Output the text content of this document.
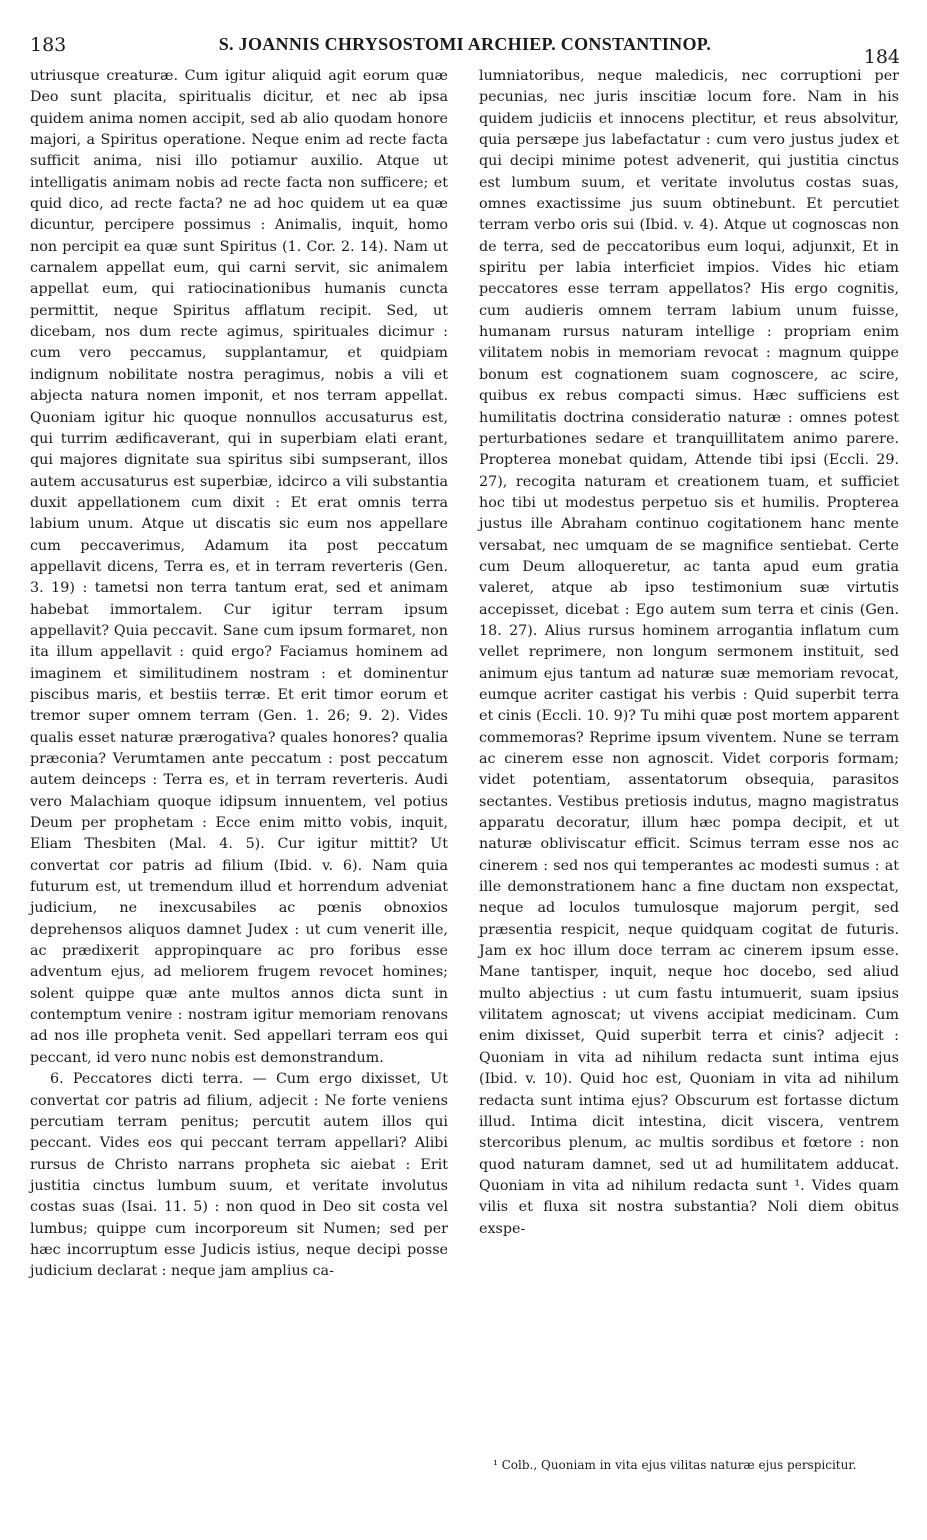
183	S. JOANNIS CHRYSOSTOMI ARCHIEP. CONSTANTINOP.
184

utriusque creaturæ. Cum igitur aliquid agit eorum quæ Deo sunt placita, spiritualis dicitur, et nec ab ipsa quidem anima nomen accipit, sed ab alio quodam honore majori, a Spiritus operatione. Neque enim ad recte facta sufficit anima, nisi illo potiamur auxilio. Atque ut intelligatis animam nobis ad recte facta non sufficere; et quid dico, ad recte facta? ne ad hoc quidem ut ea quæ dicuntur, percipere possimus : Animalis, inquit, homo non percipit ea quæ sunt Spiritus (1. Cor. 2. 14). Nam ut carnalem appellat eum, qui carni servit, sic animalem appellat eum, qui ratiocinationibus humanis cuncta permittit, neque Spiritus afflatum recipit. Sed, ut dicebam, nos dum recte agimus, spirituales dicimur : cum vero peccamus, supplantamur, et quidpiam indignum nobilitate nostra peragimus, nobis a vili et abjecta natura nomen imponit, et nos terram appellat. Quoniam igitur hic quoque nonnullos accusaturus est, qui turrim ædificaverant, qui in superbiam elati erant, qui majores dignitate sua spiritus sibi sumpserant, illos autem accusaturus est superbiæ, idcirco a vili substantia duxit appellationem cum dixit : Et erat omnis terra labium unum. Atque ut discatis sic eum nos appellare cum peccaverimus, Adamum ita post peccatum appellavit dicens, Terra es, et in terram reverteris (Gen. 3. 19) : tametsi non terra tantum erat, sed et animam habebat immortalem. Cur igitur terram ipsum appellavit? Quia peccavit. Sane cum ipsum formaret, non ita illum appellavit : quid ergo? Faciamus hominem ad imaginem et similitudinem nostram : et dominentur piscibus maris, et bestiis terræ. Et erit timor eorum et tremor super omnem terram (Gen. 1. 26; 9. 2). Vides qualis esset naturæ prærogativa? quales honores? qualia præconia? Verumtamen ante peccatum : post peccatum autem deinceps : Terra es, et in terram reverteris. Audi vero Malachiam quoque idipsum innuentem, vel potius Deum per prophetam : Ecce enim mitto vobis, inquit, Eliam Thesbiten (Mal. 4. 5). Cur igitur mittit? Ut convertat cor patris ad filium (Ibid. v. 6). Nam quia futurum est, ut tremendum illud et horrendum adveniat judicium, ne inexcusabiles ac pœnis obnoxios deprehensos aliquos damnet Judex : ut cum venerit ille, ac prædixerit appropinquare ac pro foribus esse adventum ejus, ad meliorem frugem revocet homines; solent quippe quæ ante multos annos dicta sunt in contemptum venire : nostram igitur memoriam renovans ad nos ille propheta venit. Sed appellari terram eos qui peccant, id vero nunc nobis est demonstrandum.

6. Peccatores dicti terra. — Cum ergo dixisset, Ut convertat cor patris ad filium, adjecit : Ne forte veniens percutiam terram penitus; percutit autem illos qui peccant. Vides eos qui peccant terram appellari? Alibi rursus de Christo narrans propheta sic aiebat : Erit justitia cinctus lumbum suum, et veritate involutus costas suas (Isai. 11. 5) : non quod in Deo sit costa vel lumbus; quippe cum incorporeum sit Numen; sed per hæc incorruptum esse Judicis istius, neque decipi posse judicium declarat : neque jam amplius ca-

lumniatoribus, neque maledicis, nec corruptioni per pecunias, nec juris inscitiæ locum fore. Nam in his quidem judiciis et innocens plectitur, et reus absolvitur, quia persæpe jus labefactatur : cum vero justus judex et qui decipi minime potest advenerit, qui justitia cinctus est lumbum suum, et veritate involutus costas suas, omnes exactissime jus suum obtinebunt. Et percutiet terram verbo oris sui (Ibid. v. 4). Atque ut cognoscas non de terra, sed de peccatoribus eum loqui, adjunxit, Et in spiritu per labia interficiet impios. Vides hic etiam peccatores esse terram appellatos? His ergo cognitis, cum audieris omnem terram labium unum fuisse, humanam rursus naturam intellige : propriam enim vilitatem nobis in memoriam revocat : magnum quippe bonum est cognationem suam cognoscere, ac scire, quibus ex rebus compacti simus. Hæc sufficiens est humilitatis doctrina consideratio naturæ : omnes potest perturbationes sedare et tranquillitatem animo parere. Propterea monebat quidam, Attende tibi ipsi (Eccli. 29. 27), recogita naturam et creationem tuam, et sufficiet hoc tibi ut modestus perpetuo sis et humilis. Propterea justus ille Abraham continuo cogitationem hanc mente versabat, nec umquam de se magnifice sentiebat. Certe cum Deum alloqueretur, ac tanta apud eum gratia valeret, atque ab ipso testimonium suæ virtutis accepisset, dicebat : Ego autem sum terra et cinis (Gen. 18. 27). Alius rursus hominem arrogantia inflatum cum vellet reprimere, non longum sermonem instituit, sed animum ejus tantum ad naturæ suæ memoriam revocat, eumque acriter castigat his verbis : Quid superbit terra et cinis (Eccli. 10. 9)? Tu mihi quæ post mortem apparent commemoras? Reprime ipsum viventem. Nune se terram ac cinerem esse non agnoscit. Videt corporis formam; videt potentiam, assentatorum obsequia, parasitos sectantes. Vestibus pretiosis indutus, magno magistratus apparatu decoratur, illum hæc pompa decipit, et ut naturæ obliviscatur efficit. Scimus terram esse nos ac cinerem : sed nos qui temperantes ac modesti sumus : at ille demonstrationem hanc a fine ductam non exspectat, neque ad loculos tumulosque majorum pergit, sed præsentia respicit, neque quidquam cogitat de futuris. Jam ex hoc illum doce terram ac cinerem ipsum esse. Mane tantisper, inquit, neque hoc docebo, sed aliud multo abjectius : ut cum fastu intumuerit, suam ipsius vilitatem agnoscat; ut vivens accipiat medicinam. Cum enim dixisset, Quid superbit terra et cinis? adjecit : Quoniam in vita ad nihilum redacta sunt intima ejus (Ibid. v. 10). Quid hoc est, Quoniam in vita ad nihilum redacta sunt intima ejus? Obscurum est fortasse dictum illud. Intima dicit intestina, dicit viscera, ventrem stercoribus plenum, ac multis sordibus et fœtore : non quod naturam damnet, sed ut ad humilitatem adducat. Quoniam in vita ad nihilum redacta sunt ¹. Vides quam vilis et fluxa sit nostra substantia? Noli diem obitus exspe-

¹ Colb., Quoniam in vita ejus vilitas naturæ ejus perspicitur.
